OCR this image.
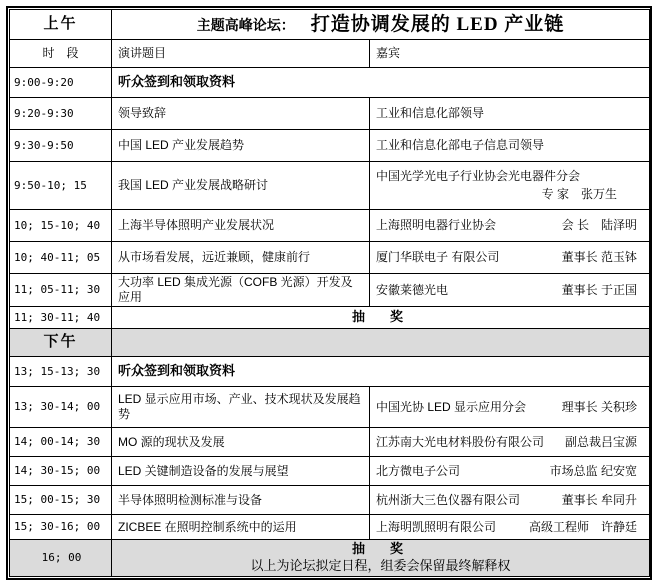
上午	主题高峰论坛： 打造协调发展的 LED 产业链	
时　段	演讲题目	嘉宾
9:00-9:20	听众签到和领取资料	
9:20-9:30	领导致辞	工业和信息化部领导

9:30-9:50	中国 LED 产业发展趋势	工业和信息化部电子信息司领导

9:50-10; 15	我国 LED 产业发展战略研讨	中国光学光电子行业协会光电器件分会
专 家　张万生

10; 15-10; 40	上海半导体照明产业发展状况	上海照明电器行业协会 会 长　陆泽明

10; 40-11; 05	从市场看发展，远近兼顾，健康前行	厦门华联电子 有限公司 董事长 范玉钵

11; 05-11; 30	大功率 LED 集成光源（COFB 光源）开发及应用	安徽莱德光电 董事长 于正国

11; 30-11; 40	抽　奖	
下午		
13; 15-13; 30	听众签到和领取资料	
13; 30-14; 00	LED 显示应用市场、产业、技术现状及发展趋势	中国光协 LED 显示应用分会 理事长 关积珍

14; 00-14; 30	MO 源的现状及发展	江苏南大光电材料股份有限公司 副总裁吕宝源

14; 30-15; 00	LED 关键制造设备的发展与展望	北方微电子公司 市场总监 纪安宽

15; 00-15; 30	半导体照明检测标准与设备	杭州浙大三色仪器有限公司 董事长 牟同升

15; 30-16; 00	ZICBEE 在照明控制系统中的运用	上海明凯照明有限公司 高级工程师　许静廷

16; 00	抽　奖
以上为论坛拟定日程，组委会保留最终解释权	
